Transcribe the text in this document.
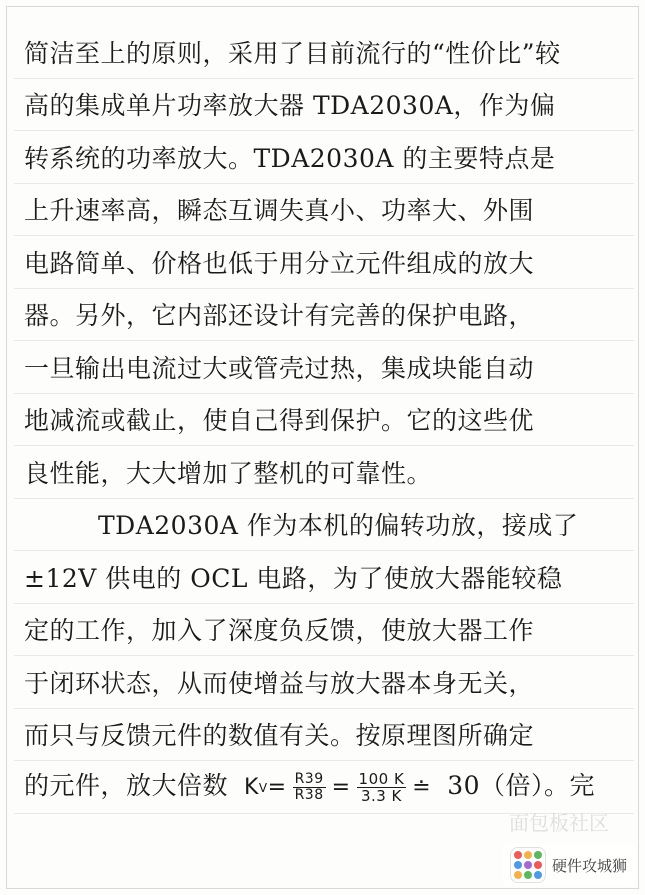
简洁至上的原则，采用了目前流行的“性价比”较
高的集成单片功率放大器 TDA2030A，作为偏
转系统的功率放大。TDA2030A 的主要特点是
上升速率高，瞬态互调失真小、功率大、外围
电路简单、价格也低于用分立元件组成的放大
器。另外，它内部还设计有完善的保护电路，
一旦输出电流过大或管壳过热，集成块能自动
地减流或截止，使自己得到保护。它的这些优
良性能，大大增加了整机的可靠性。
TDA2030A 作为本机的偏转功放，接成了
±12V 供电的 OCL 电路，为了使放大器能较稳
定的工作，加入了深度负反馈，使放大器工作
于闭环状态，从而使增益与放大器本身无关，
而只与反馈元件的数值有关。按原理图所确定
的元件，放大倍数 K $V = \frac{R39}{R38} = \frac{100 K}{3.3 K}$ ≐ 30（倍）。完
面包板社区
硬件攻城狮
